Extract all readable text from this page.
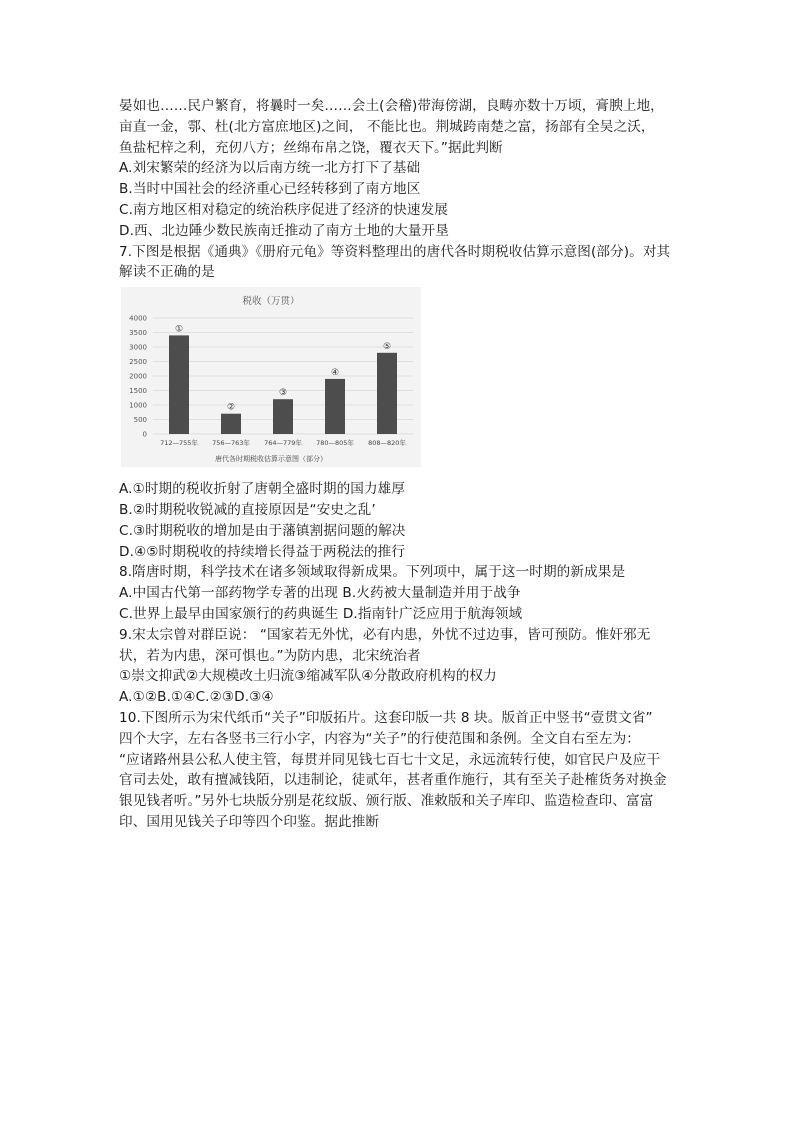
晏如也……民户繁育，将曩时一矣……会土(会稽)带海傍湖，良畴亦数十万顷，膏腴上地，
亩直一金，鄠、杜(北方富庶地区)之间， 不能比也。荆城跨南楚之富，扬部有全吴之沃，
鱼盐杞梓之利，充仞八方；丝绵布帛之饶，覆衣天下。”据此判断
A.刘宋繁荣的经济为以后南方统一北方打下了基础
B.当时中国社会的经济重心已经转移到了南方地区
C.南方地区相对稳定的统治秩序促进了经济的快速发展
D.西、北边陲少数民族南迁推动了南方土地的大量开垦
7.下图是根据《通典》《册府元龟》等资料整理出的唐代各时期税收估算示意图(部分)。对其
解读不正确的是
税收（万贯）
4000
3500
3000
2500
2000
1500
1000
500
0
①
712—755年
②
756—763年
③
764—779年
④
780—805年
⑤
808—820年
唐代各时期税收估算示意图（部分）
A.①时期的税收折射了唐朝全盛时期的国力雄厚
B.②时期税收锐减的直接原因是“安史之乱’
C.③时期税收的增加是由于藩镇割据问题的解决
D.④⑤时期税收的持续增长得益于两税法的推行
8.隋唐时期，科学技术在诸多领域取得新成果。下列项中，属于这一时期的新成果是
A.中国古代第一部药物学专著的出现 B.火药被大量制造并用于战争
C.世界上最早由国家颁行的药典诞生 D.指南针广泛应用于航海领域
9.宋太宗曾对群臣说： “国家若无外忧，必有内患，外忧不过边事，皆可预防。惟奸邪无
状，若为内患，深可惧也。”为防内患，北宋统治者
①崇文抑武②大规模改土归流③缩减军队④分散政府机构的权力
A.①②B.①④C.②③D.③④
10.下图所示为宋代纸币“关子”印版拓片。这套印版一共 8 块。版首正中竖书“壹贯文省”
四个大字，左右各竖书三行小字，内容为“关子”的行使范围和条例。全文自右至左为：
“应诸路州县公私人使主管，每贯并同见钱七百七十文足，永远流转行使，如官民户及应干
官司去处，敢有擅减钱陌，以违制论，徒贰年，甚者重作施行，其有至关子赴榷货务对换金
银见钱者听。”另外七块版分别是花纹版、颁行版、准敕版和关子库印、监造检查印、富富
印、国用见钱关子印等四个印鉴。据此推断
